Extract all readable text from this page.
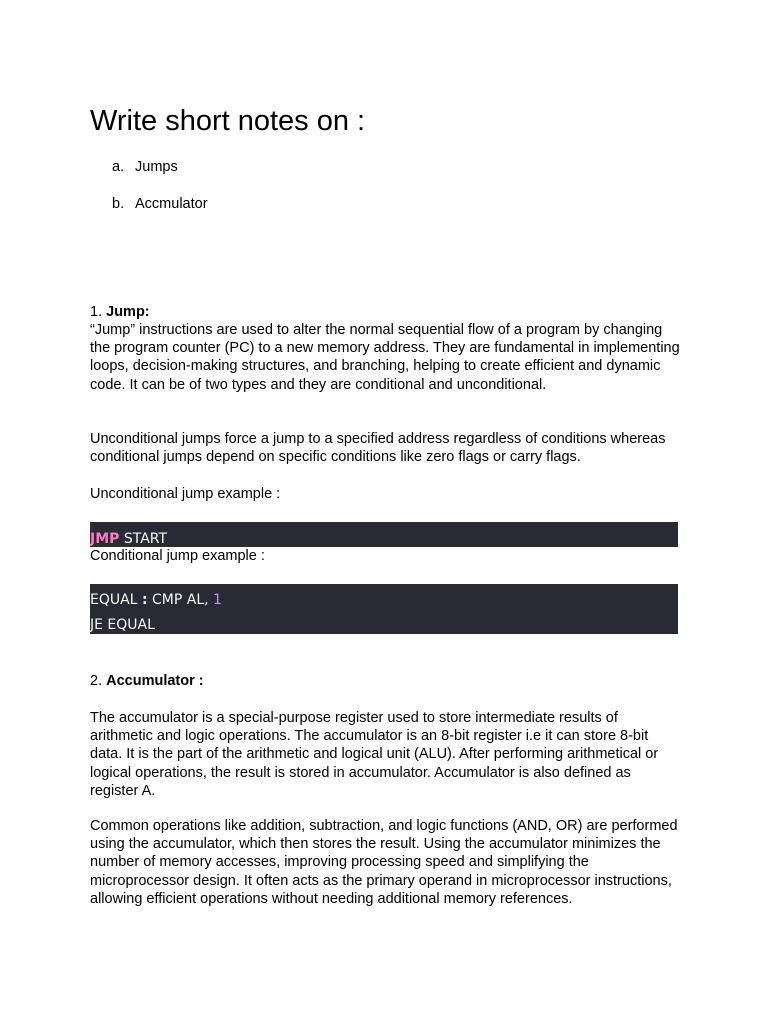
Write short notes on :
a. Jumps
b. Accmulator
1. Jump:

“Jump” instructions are used to alter the normal sequential flow of a program by changing the program counter (PC) to a new memory address. They are fundamental in implementing loops, decision-making structures, and branching, helping to create efficient and dynamic code. It can be of two types and they are conditional and unconditional.

Unconditional jumps force a jump to a specified address regardless of conditions whereas conditional jumps depend on specific conditions like zero flags or carry flags.

Unconditional jump example :

JMP START

Conditional jump example :

EQUAL : CMP AL, 1
JE EQUAL
2. Accumulator :

The accumulator is a special-purpose register used to store intermediate results of arithmetic and logic operations. The accumulator is an 8-bit register i.e it can store 8-bit data. It is the part of the arithmetic and logical unit (ALU). After performing arithmetical or logical operations, the result is stored in accumulator. Accumulator is also defined as register A.

Common operations like addition, subtraction, and logic functions (AND, OR) are performed using the accumulator, which then stores the result. Using the accumulator minimizes the number of memory accesses, improving processing speed and simplifying the microprocessor design. It often acts as the primary operand in microprocessor instructions, allowing efficient operations without needing additional memory references.
